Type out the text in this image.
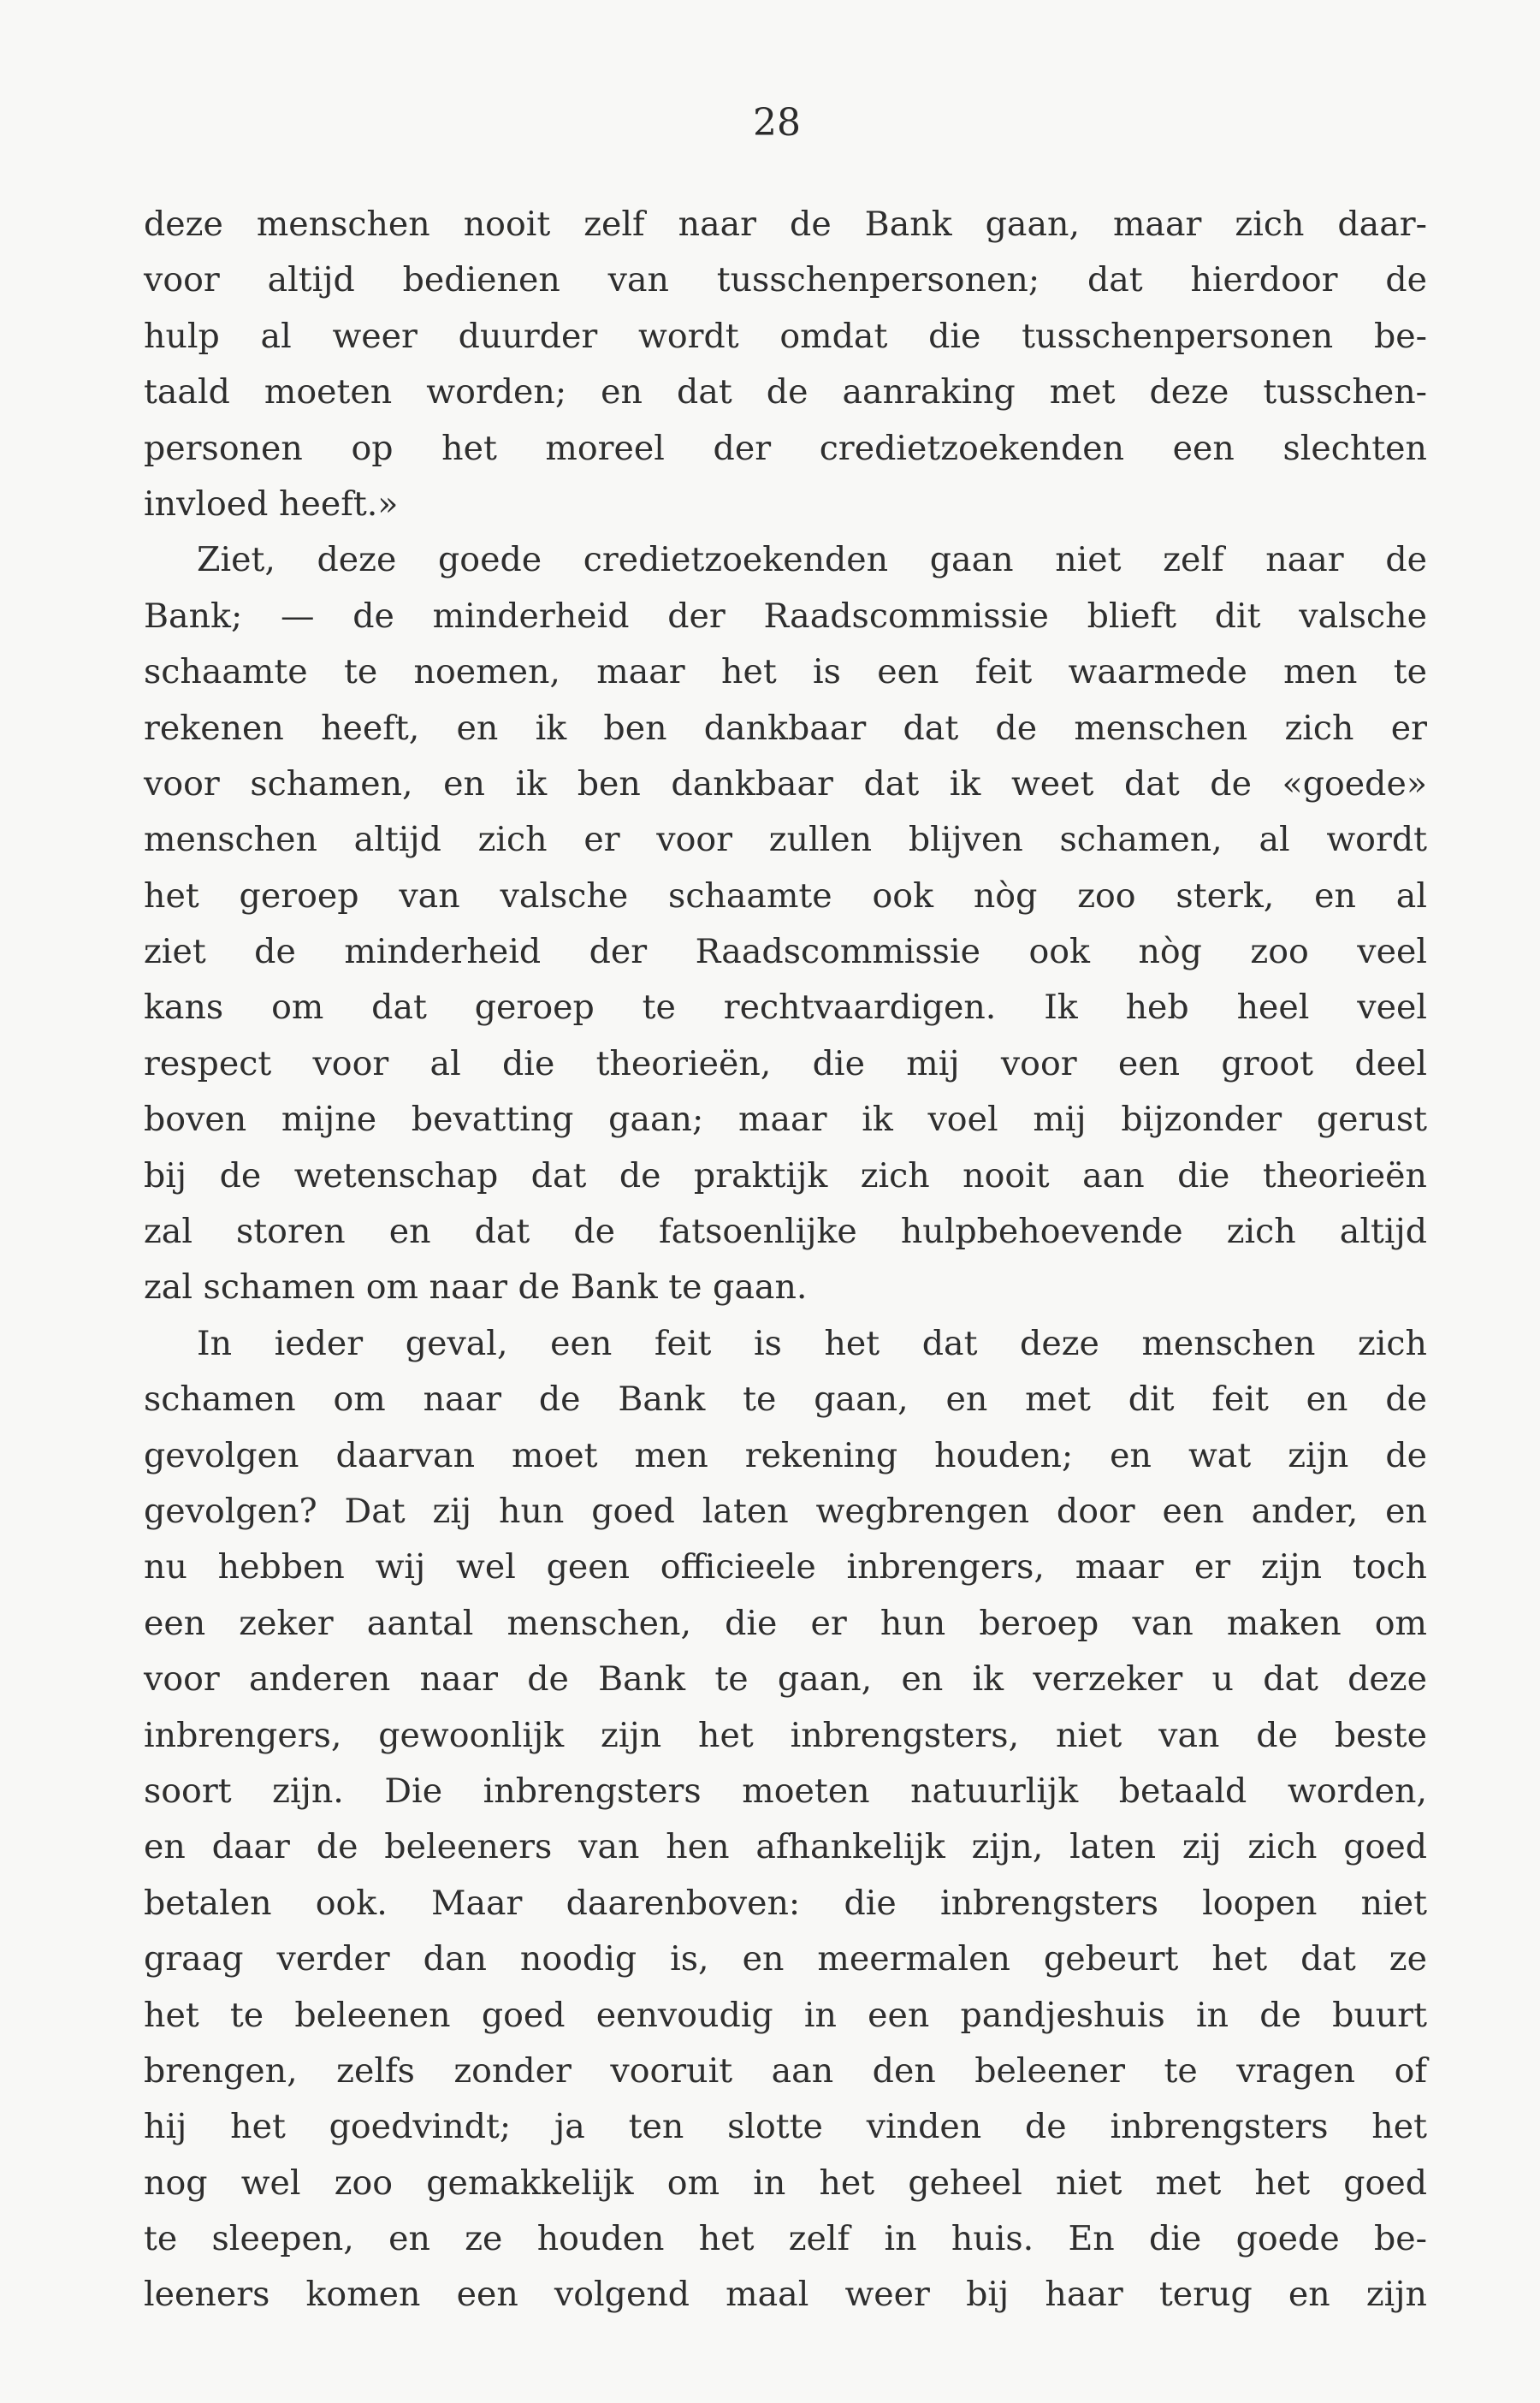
28
deze menschen nooit zelf naar de Bank gaan, maar zich daar-
voor altijd bedienen van tusschenpersonen; dat hierdoor de
hulp al weer duurder wordt omdat die tusschenpersonen be-
taald moeten worden; en dat de aanraking met deze tusschen-
personen op het moreel der credietzoekenden een slechten
invloed heeft.»
Ziet, deze goede credietzoekenden gaan niet zelf naar de
Bank; — de minderheid der Raadscommissie blieft dit valsche
schaamte te noemen, maar het is een feit waarmede men te
rekenen heeft, en ik ben dankbaar dat de menschen zich er
voor schamen, en ik ben dankbaar dat ik weet dat de «goede»
menschen altijd zich er voor zullen blijven schamen, al wordt
het geroep van valsche schaamte ook nòg zoo sterk, en al
ziet de minderheid der Raadscommissie ook nòg zoo veel
kans om dat geroep te rechtvaardigen. Ik heb heel veel
respect voor al die theorieën, die mij voor een groot deel
boven mijne bevatting gaan; maar ik voel mij bijzonder gerust
bij de wetenschap dat de praktijk zich nooit aan die theorieën
zal storen en dat de fatsoenlijke hulpbehoevende zich altijd
zal schamen om naar de Bank te gaan.
In ieder geval, een feit is het dat deze menschen zich
schamen om naar de Bank te gaan, en met dit feit en de
gevolgen daarvan moet men rekening houden; en wat zijn de
gevolgen? Dat zij hun goed laten wegbrengen door een ander, en
nu hebben wij wel geen officieele inbrengers, maar er zijn toch
een zeker aantal menschen, die er hun beroep van maken om
voor anderen naar de Bank te gaan, en ik verzeker u dat deze
inbrengers, gewoonlijk zijn het inbrengsters, niet van de beste
soort zijn. Die inbrengsters moeten natuurlijk betaald worden,
en daar de beleeners van hen afhankelijk zijn, laten zij zich goed
betalen ook. Maar daarenboven: die inbrengsters loopen niet
graag verder dan noodig is, en meermalen gebeurt het dat ze
het te beleenen goed eenvoudig in een pandjeshuis in de buurt
brengen, zelfs zonder vooruit aan den beleener te vragen of
hij het goedvindt; ja ten slotte vinden de inbrengsters het
nog wel zoo gemakkelijk om in het geheel niet met het goed
te sleepen, en ze houden het zelf in huis. En die goede be-
leeners komen een volgend maal weer bij haar terug en zijn
